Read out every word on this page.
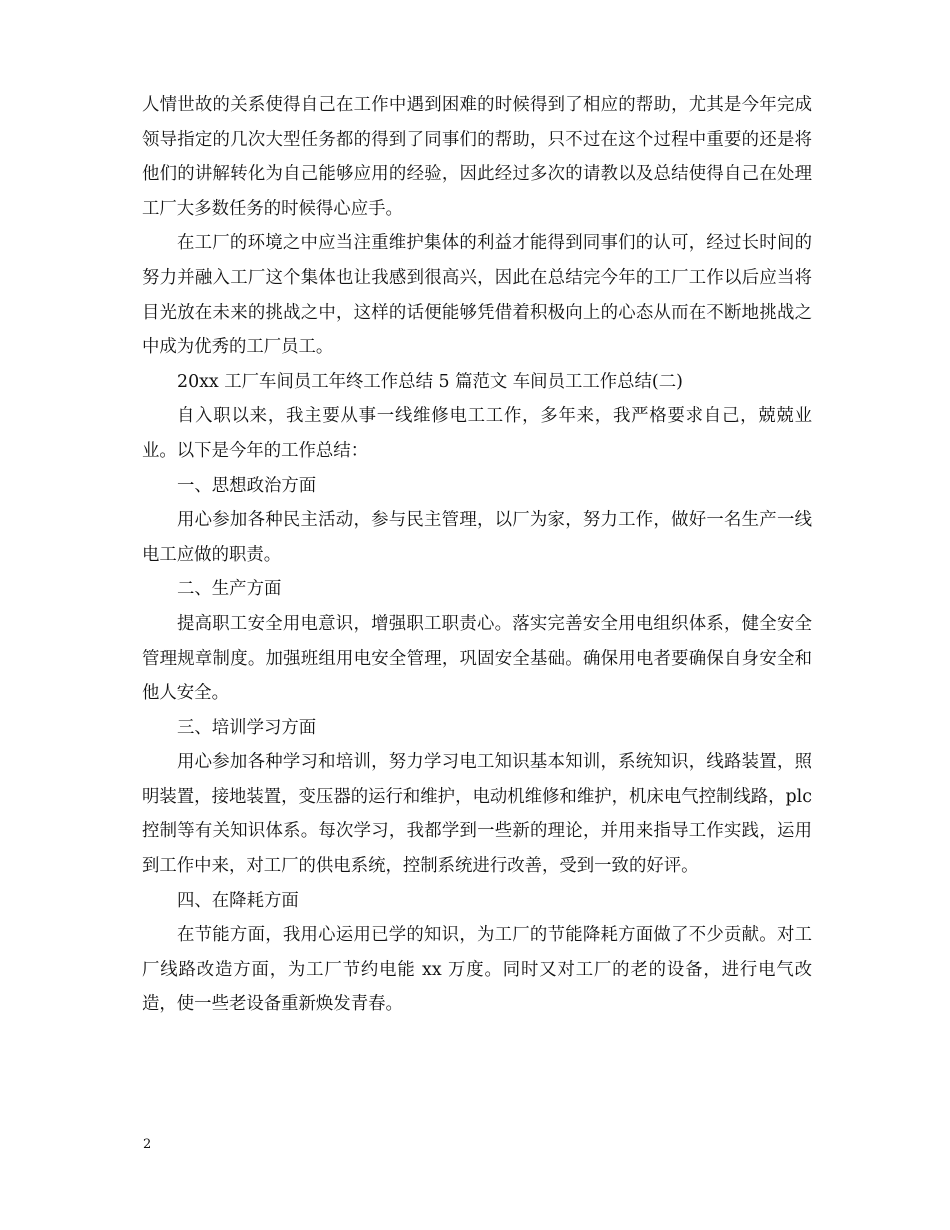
人情世故的关系使得自己在工作中遇到困难的时候得到了相应的帮助，尤其是今年完成领导指定的几次大型任务都的得到了同事们的帮助，只不过在这个过程中重要的还是将他们的讲解转化为自己能够应用的经验，因此经过多次的请教以及总结使得自己在处理工厂大多数任务的时候得心应手。

在工厂的环境之中应当注重维护集体的利益才能得到同事们的认可，经过长时间的努力并融入工厂这个集体也让我感到很高兴，因此在总结完今年的工厂工作以后应当将目光放在未来的挑战之中，这样的话便能够凭借着积极向上的心态从而在不断地挑战之中成为优秀的工厂员工。

20xx 工厂车间员工年终工作总结 5 篇范文 车间员工工作总结(二)

自入职以来，我主要从事一线维修电工工作，多年来，我严格要求自己，兢兢业业。以下是今年的工作总结：

一、思想政治方面

用心参加各种民主活动，参与民主管理，以厂为家，努力工作，做好一名生产一线电工应做的职责。

二、生产方面

提高职工安全用电意识，增强职工职责心。落实完善安全用电组织体系，健全安全管理规章制度。加强班组用电安全管理，巩固安全基础。确保用电者要确保自身安全和他人安全。

三、培训学习方面

用心参加各种学习和培训，努力学习电工知识基本知训，系统知识，线路装置，照明装置，接地装置，变压器的运行和维护，电动机维修和维护，机床电气控制线路，plc 控制等有关知识体系。每次学习，我都学到一些新的理论，并用来指导工作实践，运用到工作中来，对工厂的供电系统，控制系统进行改善，受到一致的好评。

四、在降耗方面

在节能方面，我用心运用已学的知识，为工厂的节能降耗方面做了不少贡献。对工厂线路改造方面，为工厂节约电能 xx 万度。同时又对工厂的老的设备，进行电气改造，使一些老设备重新焕发青春。

2
